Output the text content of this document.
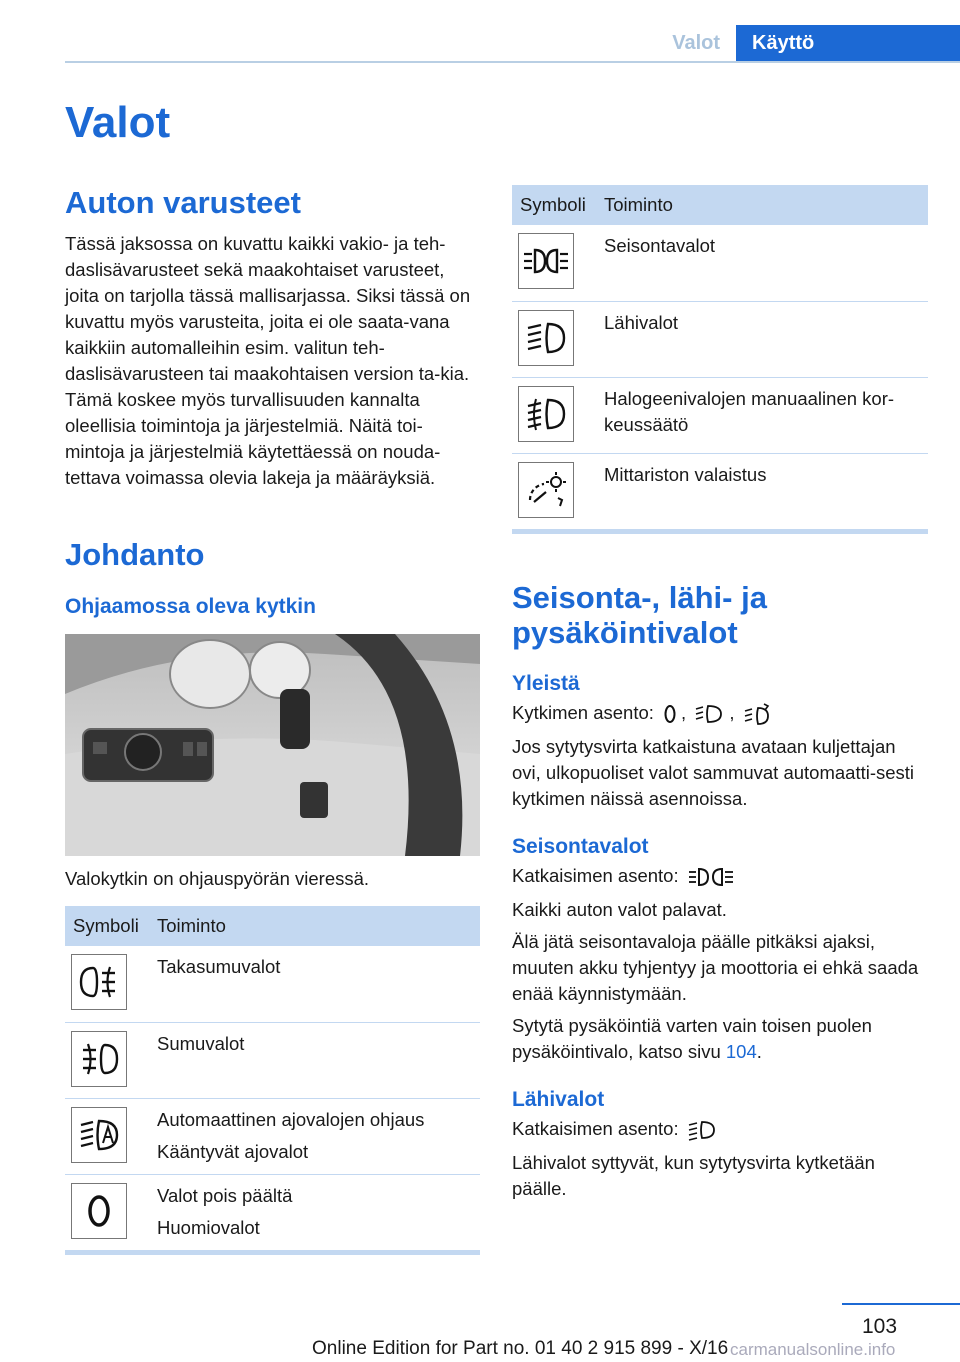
Valot	Käyttö
Valot
Auton varusteet

Tässä jaksossa on kuvattu kaikki vakio- ja teh-daslisävarusteet sekä maakohtaiset varusteet, joita on tarjolla tässä mallisarjassa. Siksi tässä on kuvattu myös varusteita, joita ei ole saata-vana kaikkiin automalleihin esim. valitun teh-daslisävarusteen tai maakohtaisen version ta-kia. Tämä koskee myös turvallisuuden kannalta oleellisia toimintoja ja järjestelmiä. Näitä toi-mintoja ja järjestelmiä käytettäessä on nouda-tettava voimassa olevia lakeja ja määräyksiä.

Johdanto
Ohjaamossa oleva kytkin

Valokytkin on ohjauspyörän vieressä.

Symboli	Toiminto

Takasumuvalot

Sumuvalot

Automaattinen ajovalojen ohjaus
Kääntyvät ajovalot

Valot pois päältä
Huomiovalot
Symboli	Toiminto

Seisontavalot

Lähivalot

Halogeenivalojen manuaalinen kor-keussäätö

Mittariston valaistus
Seisonta-, lähi- ja pysäköintivalot
Yleistä

Kytkimen asento: , ,

Jos sytytysvirta katkaistuna avataan kuljettajan ovi, ulkopuoliset valot sammuvat automaatti-sesti kytkimen näissä asennoissa.

Seisontavalot

Katkaisimen asento:

Kaikki auton valot palavat.

Älä jätä seisontavaloja päälle pitkäksi ajaksi, muuten akku tyhjentyy ja moottoria ei ehkä saada enää käynnistymään.

Sytytä pysäköintiä varten vain toisen puolen pysäköintivalo, katso sivu 104.

Lähivalot

Katkaisimen asento:

Lähivalot syttyvät, kun sytytysvirta kytketään päälle.

103
Online Edition for Part no. 01 40 2 915 899 - X/16 carmanualsonline.info
